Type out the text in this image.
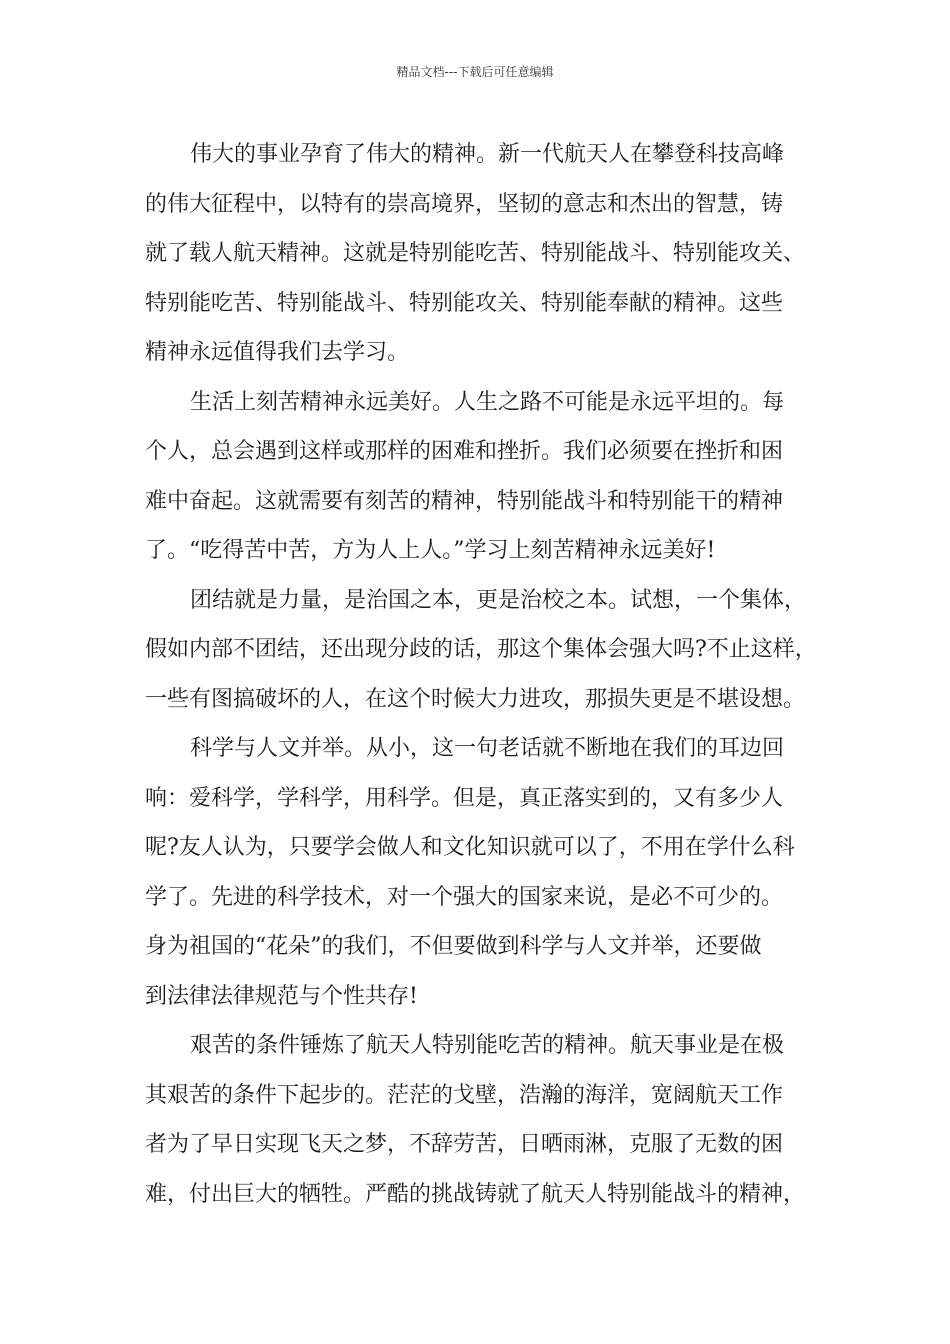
精品文档---下载后可任意编辑
伟大的事业孕育了伟大的精神。新一代航天人在攀登科技高峰
的伟大征程中，以特有的崇高境界，坚韧的意志和杰出的智慧，铸
就了载人航天精神。这就是特别能吃苦、特别能战斗、特别能攻关、
特别能吃苦、特别能战斗、特别能攻关、特别能奉献的精神。这些
精神永远值得我们去学习。
生活上刻苦精神永远美好。人生之路不可能是永远平坦的。每
个人，总会遇到这样或那样的困难和挫折。我们必须要在挫折和困
难中奋起。这就需要有刻苦的精神，特别能战斗和特别能干的精神
了。“吃得苦中苦，方为人上人。”学习上刻苦精神永远美好!
团结就是力量，是治国之本，更是治校之本。试想，一个集体，
假如内部不团结，还出现分歧的话，那这个集体会强大吗?不止这样，
一些有图搞破坏的人，在这个时候大力进攻，那损失更是不堪设想。
科学与人文并举。从小，这一句老话就不断地在我们的耳边回
响：爱科学，学科学，用科学。但是，真正落实到的，又有多少人
呢?友人认为，只要学会做人和文化知识就可以了，不用在学什么科
学了。先进的科学技术，对一个强大的国家来说，是必不可少的。
身为祖国的“花朵”的我们，不但要做到科学与人文并举，还要做
到法律法律规范与个性共存!
艰苦的条件锤炼了航天人特别能吃苦的精神。航天事业是在极
其艰苦的条件下起步的。茫茫的戈壁，浩瀚的海洋，宽阔航天工作
者为了早日实现飞天之梦，不辞劳苦，日晒雨淋，克服了无数的困
难，付出巨大的牺牲。严酷的挑战铸就了航天人特别能战斗的精神，
